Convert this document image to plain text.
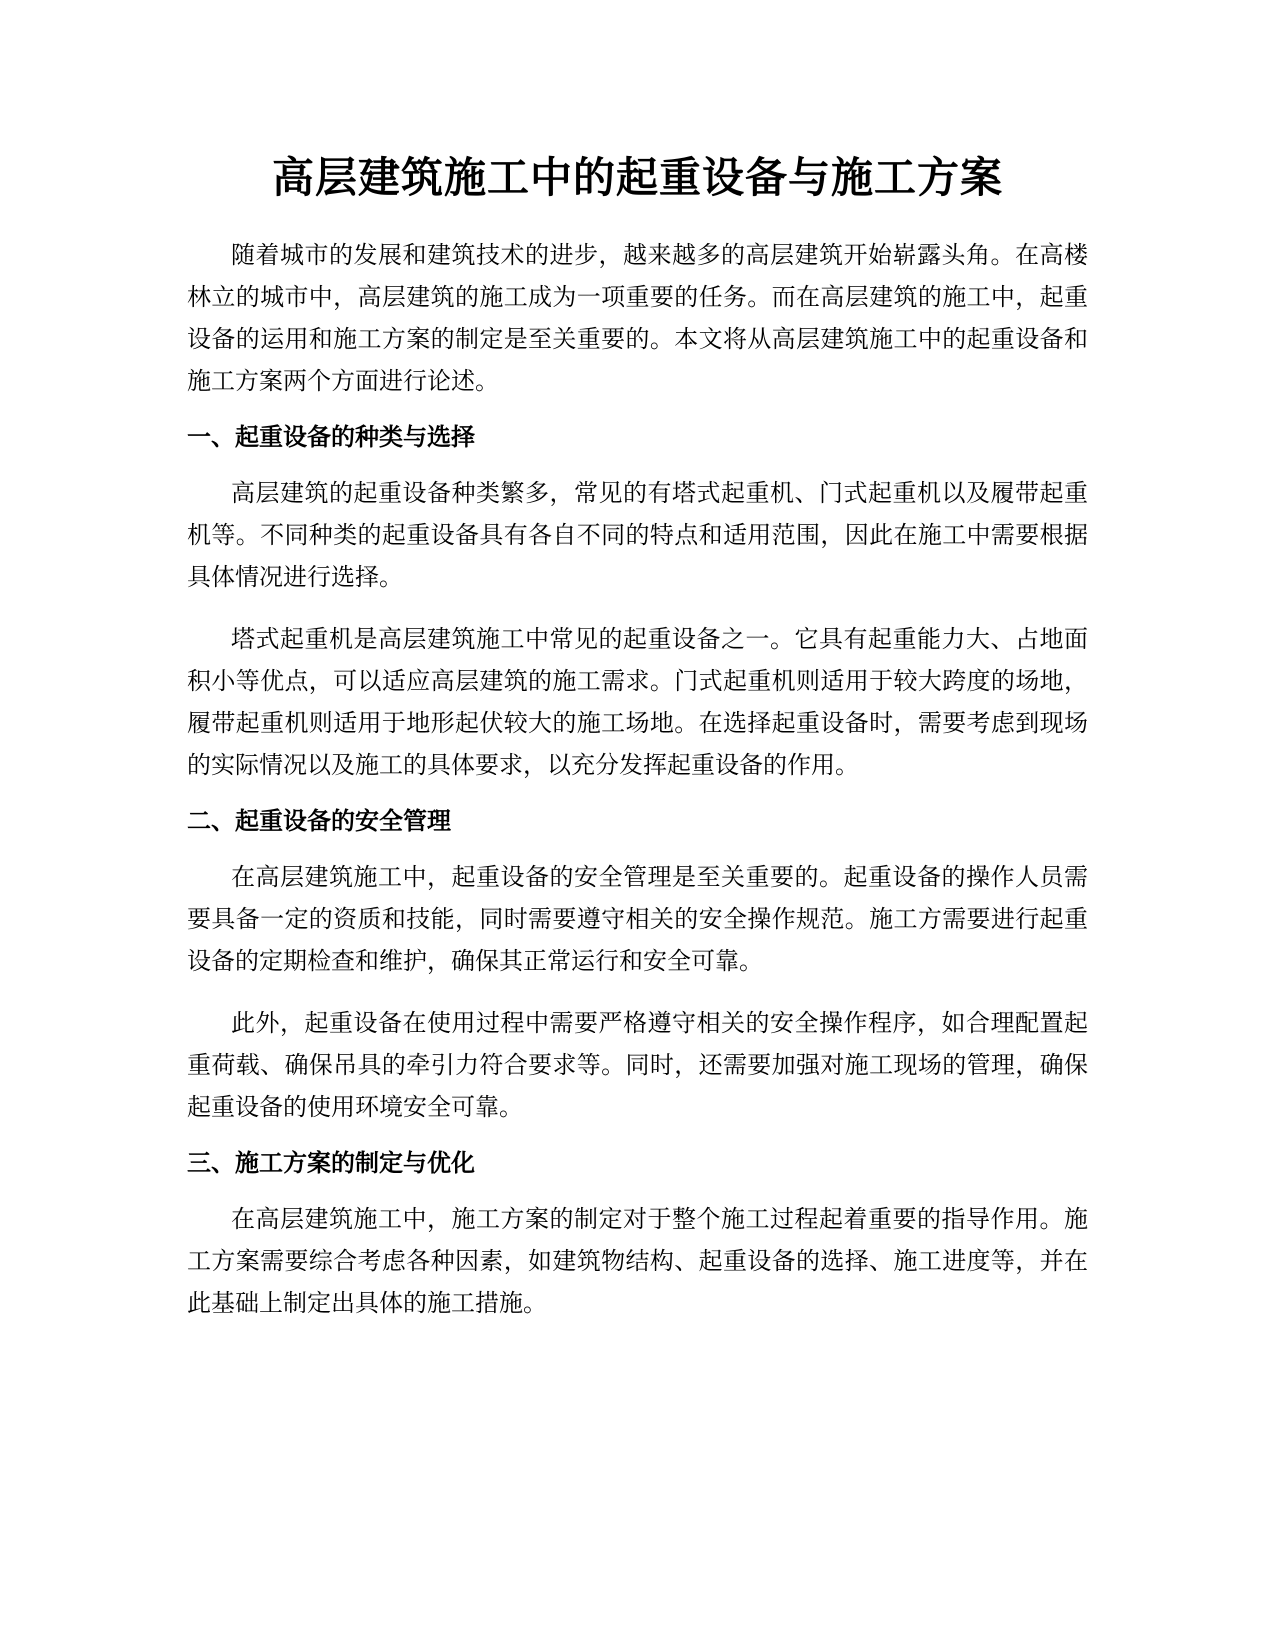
高层建筑施工中的起重设备与施工方案

随着城市的发展和建筑技术的进步，越来越多的高层建筑开始崭露头角。在高楼林立的城市中，高层建筑的施工成为一项重要的任务。而在高层建筑的施工中，起重设备的运用和施工方案的制定是至关重要的。本文将从高层建筑施工中的起重设备和施工方案两个方面进行论述。

一、起重设备的种类与选择

高层建筑的起重设备种类繁多，常见的有塔式起重机、门式起重机以及履带起重机等。不同种类的起重设备具有各自不同的特点和适用范围，因此在施工中需要根据具体情况进行选择。

塔式起重机是高层建筑施工中常见的起重设备之一。它具有起重能力大、占地面积小等优点，可以适应高层建筑的施工需求。门式起重机则适用于较大跨度的场地，履带起重机则适用于地形起伏较大的施工场地。在选择起重设备时，需要考虑到现场的实际情况以及施工的具体要求，以充分发挥起重设备的作用。

二、起重设备的安全管理

在高层建筑施工中，起重设备的安全管理是至关重要的。起重设备的操作人员需要具备一定的资质和技能，同时需要遵守相关的安全操作规范。施工方需要进行起重设备的定期检查和维护，确保其正常运行和安全可靠。

此外，起重设备在使用过程中需要严格遵守相关的安全操作程序，如合理配置起重荷载、确保吊具的牵引力符合要求等。同时，还需要加强对施工现场的管理，确保起重设备的使用环境安全可靠。

三、施工方案的制定与优化

在高层建筑施工中，施工方案的制定对于整个施工过程起着重要的指导作用。施工方案需要综合考虑各种因素，如建筑物结构、起重设备的选择、施工进度等，并在此基础上制定出具体的施工措施。
